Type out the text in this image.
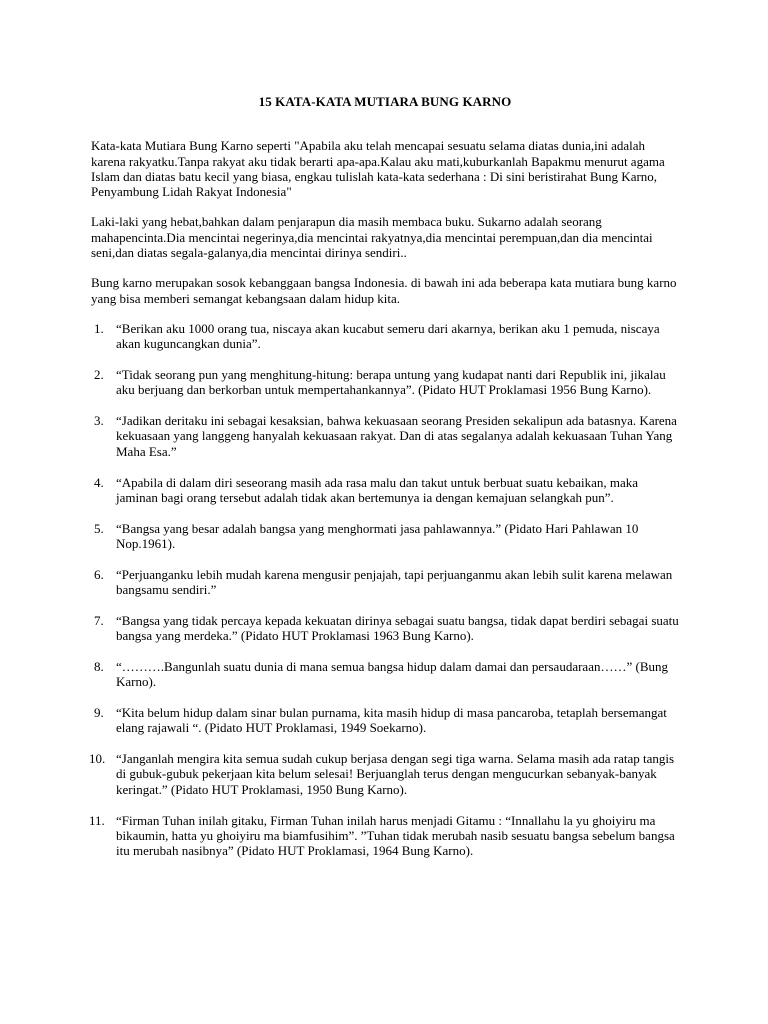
15 KATA-KATA MUTIARA BUNG KARNO

Kata-kata Mutiara Bung Karno seperti "Apabila aku telah mencapai sesuatu selama diatas dunia,ini adalah karena rakyatku.Tanpa rakyat aku tidak berarti apa-apa.Kalau aku mati,kuburkanlah Bapakmu menurut agama Islam dan diatas batu kecil yang biasa, engkau tulislah kata-kata sederhana : Di sini beristirahat Bung Karno, Penyambung Lidah Rakyat Indonesia"

Laki-laki yang hebat,bahkan dalam penjarapun dia masih membaca buku. Sukarno adalah seorang mahapencinta.Dia mencintai negerinya,dia mencintai rakyatnya,dia mencintai perempuan,dan dia mencintai seni,dan diatas segala-galanya,dia mencintai dirinya sendiri..

Bung karno merupakan sosok kebanggaan bangsa Indonesia. di bawah ini ada beberapa kata mutiara bung karno yang bisa memberi semangat kebangsaan dalam hidup kita.

1. “Berikan aku 1000 orang tua, niscaya akan kucabut semeru dari akarnya, berikan aku 1 pemuda, niscaya akan kuguncangkan dunia”.
2. “Tidak seorang pun yang menghitung-hitung: berapa untung yang kudapat nanti dari Republik ini, jikalau aku berjuang dan berkorban untuk mempertahankannya”. (Pidato HUT Proklamasi 1956 Bung Karno).
3. “Jadikan deritaku ini sebagai kesaksian, bahwa kekuasaan seorang Presiden sekalipun ada batasnya. Karena kekuasaan yang langgeng hanyalah kekuasaan rakyat. Dan di atas segalanya adalah kekuasaan Tuhan Yang Maha Esa.”
4. “Apabila di dalam diri seseorang masih ada rasa malu dan takut untuk berbuat suatu kebaikan, maka jaminan bagi orang tersebut adalah tidak akan bertemunya ia dengan kemajuan selangkah pun”.
5. “Bangsa yang besar adalah bangsa yang menghormati jasa pahlawannya.” (Pidato Hari Pahlawan 10 Nop.1961).
6. “Perjuanganku lebih mudah karena mengusir penjajah, tapi perjuanganmu akan lebih sulit karena melawan bangsamu sendiri.”
7. “Bangsa yang tidak percaya kepada kekuatan dirinya sebagai suatu bangsa, tidak dapat berdiri sebagai suatu bangsa yang merdeka.” (Pidato HUT Proklamasi 1963 Bung Karno).
8. “……….Bangunlah suatu dunia di mana semua bangsa hidup dalam damai dan persaudaraan……” (Bung Karno).
9. “Kita belum hidup dalam sinar bulan purnama, kita masih hidup di masa pancaroba, tetaplah bersemangat elang rajawali “. (Pidato HUT Proklamasi, 1949 Soekarno).
10. “Janganlah mengira kita semua sudah cukup berjasa dengan segi tiga warna. Selama masih ada ratap tangis di gubuk-gubuk pekerjaan kita belum selesai! Berjuanglah terus dengan mengucurkan sebanyak-banyak keringat.” (Pidato HUT Proklamasi, 1950 Bung Karno).
11. “Firman Tuhan inilah gitaku, Firman Tuhan inilah harus menjadi Gitamu : “Innallahu la yu ghoiyiru ma bikaumin, hatta yu ghoiyiru ma biamfusihim”. ”Tuhan tidak merubah nasib sesuatu bangsa sebelum bangsa itu merubah nasibnya” (Pidato HUT Proklamasi, 1964 Bung Karno).
